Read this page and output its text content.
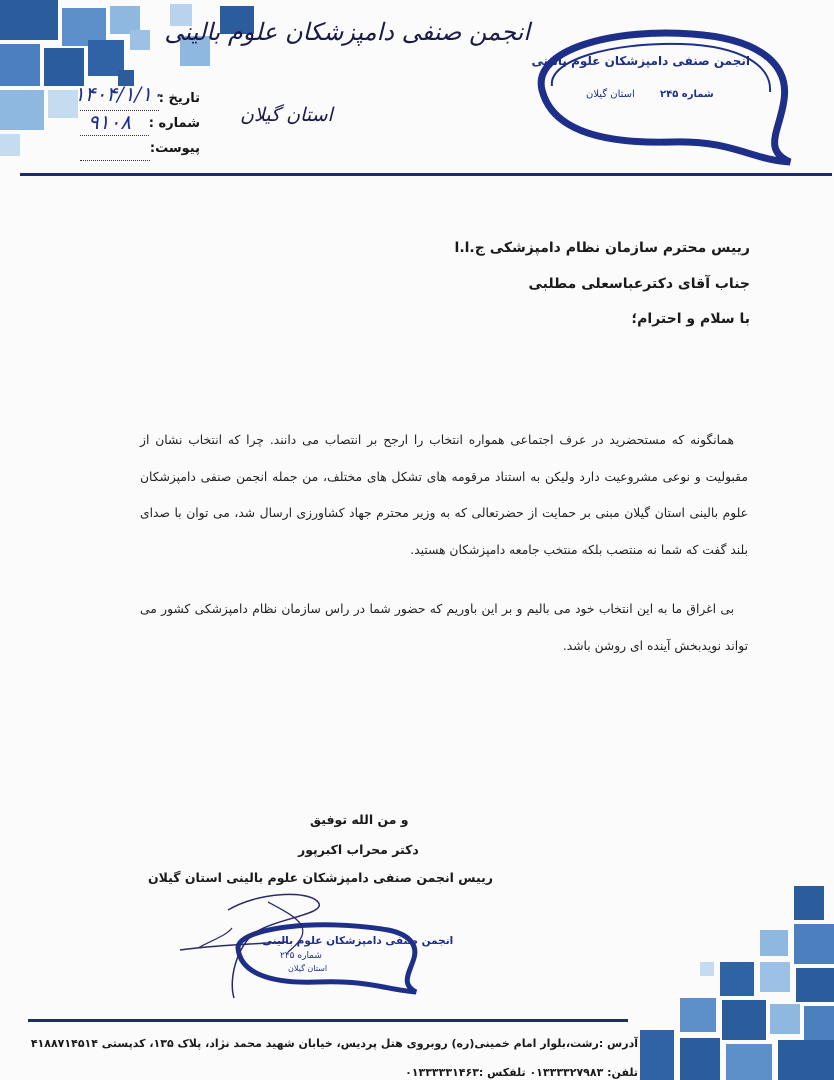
انجمن صنفی دامپزشکان علوم بالینی
استان گیلان
انجمن صنفی دامپزشکان علوم بالینی
شماره ۲۴۵
استان گیلان
تاریخ :
شماره :
پیوست:
۱۴۰۴/۱/۱۰
۹۱۰۸
رییس محترم سازمان نظام دامپزشکی ج.ا.ا
جناب آقای دکترعباسعلی مطلبی
با سلام و احترام؛
همانگونه که مستحضرید در عرف اجتماعی همواره انتخاب را ارجح بر انتصاب می دانند. چرا که انتخاب نشان از مقبولیت و نوعی مشروعیت دارد ولیکن به استناد مرقومه های تشکل های مختلف، من جمله انجمن صنفی دامپزشکان علوم بالینی استان گیلان مبنی بر حمایت از حضرتعالی که به وزیر محترم جهاد کشاورزی ارسال شد، می توان با صدای بلند گفت که شما نه منتصب بلکه منتخب جامعه دامپزشکان هستید.
بی اغراق ما به این انتخاب خود می بالیم و بر این باوریم که حضور شما در راس سازمان نظام دامپزشکی کشور می تواند نویدبخش آینده ای روشن باشد.
و من الله توفیق
دکتر محراب اکبرپور
رییس انجمن صنفی دامپزشکان علوم بالینی استان گیلان
انجمن صنفی دامپزشکان علوم بالینی
شماره ۲۴۵
استان گیلان
آدرس :رشت،بلوار امام خمینی(ره) روبروی هتل پردیس، خیابان شهید محمد نژاد، پلاک ۱۳۵، کدپستی ۴۱۸۸۷۱۴۵۱۴
تلفن: ۰۱۳۳۳۳۲۷۹۸۳ تلفکس :۰۱۳۳۳۳۳۱۴۶۳
